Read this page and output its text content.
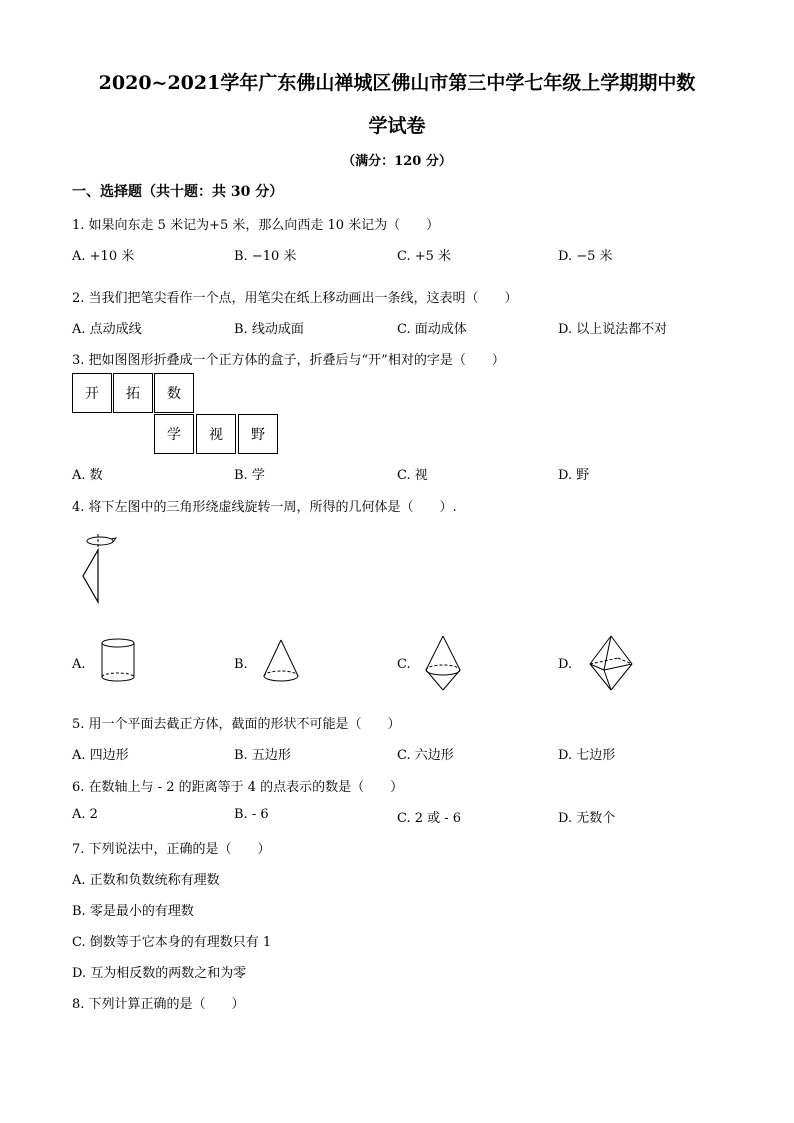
2020~2021学年广东佛山禅城区佛山市第三中学七年级上学期期中数
学试卷
（满分：120 分）
一、选择题（共十题：共 30 分）
1. 如果向东走 5 米记为+5 米，那么向西走 10 米记为（　　）
A. +10 米	B. −10 米	C. +5 米	D. −5 米
2. 当我们把笔尖看作一个点，用笔尖在纸上移动画出一条线，这表明（　　）
A. 点动成线	B. 线动成面	C. 面动成体	D. 以上说法都不对
3. 把如图图形折叠成一个正方体的盒子，折叠后与“开”相对的字是（　　）
开	拓	数
学	视	野
A. 数	B. 学	C. 视	D. 野
4. 将下左图中的三角形绕虚线旋转一周，所得的几何体是（　　）.
A.	B.	C.	D.
5. 用一个平面去截正方体，截面的形状不可能是（　　）
A. 四边形	B. 五边形	C. 六边形	D. 七边形
6. 在数轴上与 - 2 的距离等于 4 的点表示的数是（　　）
A. 2	B. - 6	C. 2 或 - 6	D. 无数个
7. 下列说法中，正确的是（　　）
A. 正数和负数统称有理数
B. 零是最小的有理数
C. 倒数等于它本身的有理数只有 1
D. 互为相反数的两数之和为零
8. 下列计算正确的是（　　）
